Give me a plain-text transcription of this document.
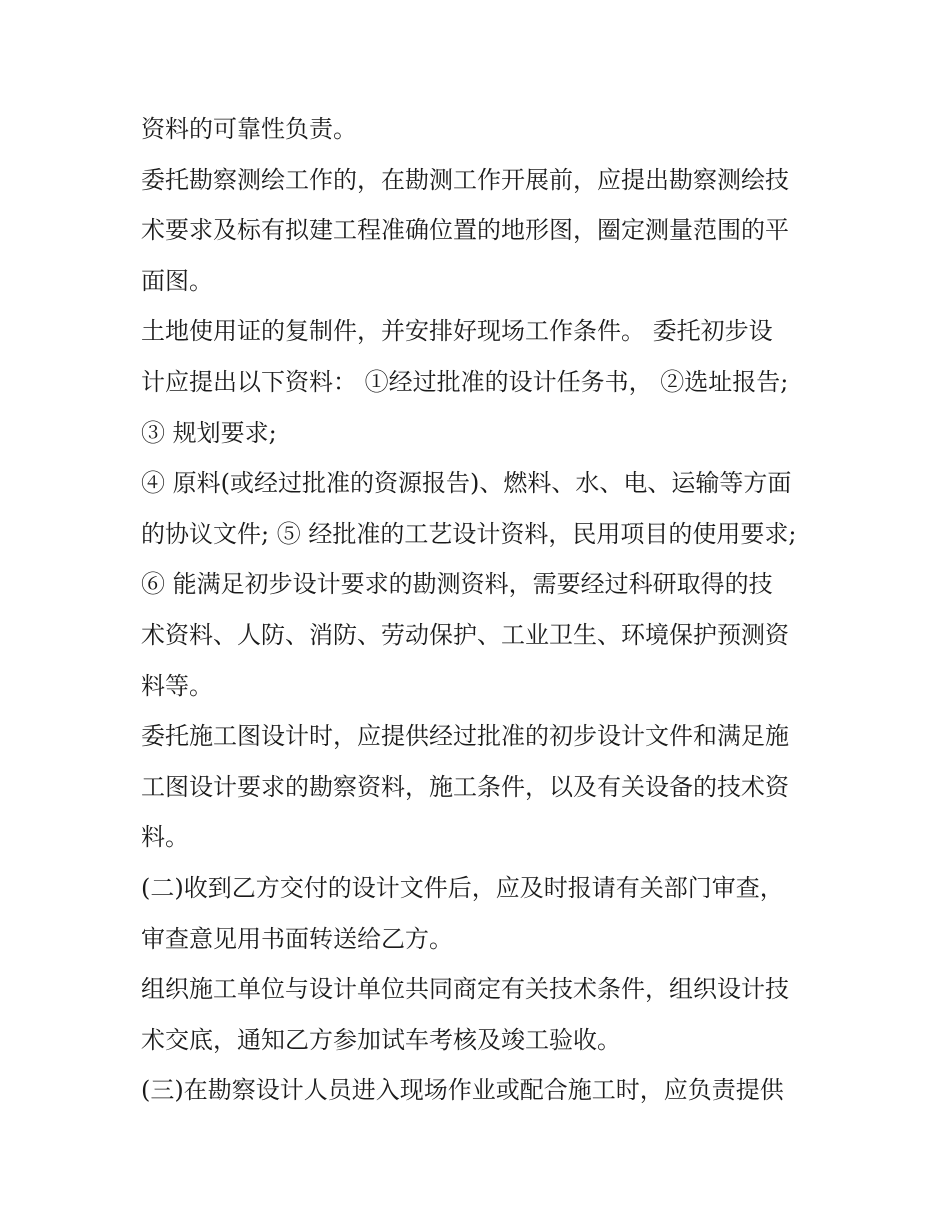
资料的可靠性负责。
委托勘察测绘工作的，在勘测工作开展前，应提出勘察测绘技
术要求及标有拟建工程准确位置的地形图，圈定测量范围的平
面图。
土地使用证的复制件，并安排好现场工作条件。 委托初步设
计应提出以下资料： ①经过批准的设计任务书， ②选址报告;
③ 规划要求;
④ 原料(或经过批准的资源报告)、燃料、水、电、运输等方面
的协议文件; ⑤ 经批准的工艺设计资料，民用项目的使用要求;
⑥ 能满足初步设计要求的勘测资料，需要经过科研取得的技
术资料、人防、消防、劳动保护、工业卫生、环境保护预测资
料等。
委托施工图设计时，应提供经过批准的初步设计文件和满足施
工图设计要求的勘察资料，施工条件，以及有关设备的技术资
料。
(二)收到乙方交付的设计文件后，应及时报请有关部门审查，
审查意见用书面转送给乙方。
组织施工单位与设计单位共同商定有关技术条件，组织设计技
术交底，通知乙方参加试车考核及竣工验收。
(三)在勘察设计人员进入现场作业或配合施工时，应负责提供
